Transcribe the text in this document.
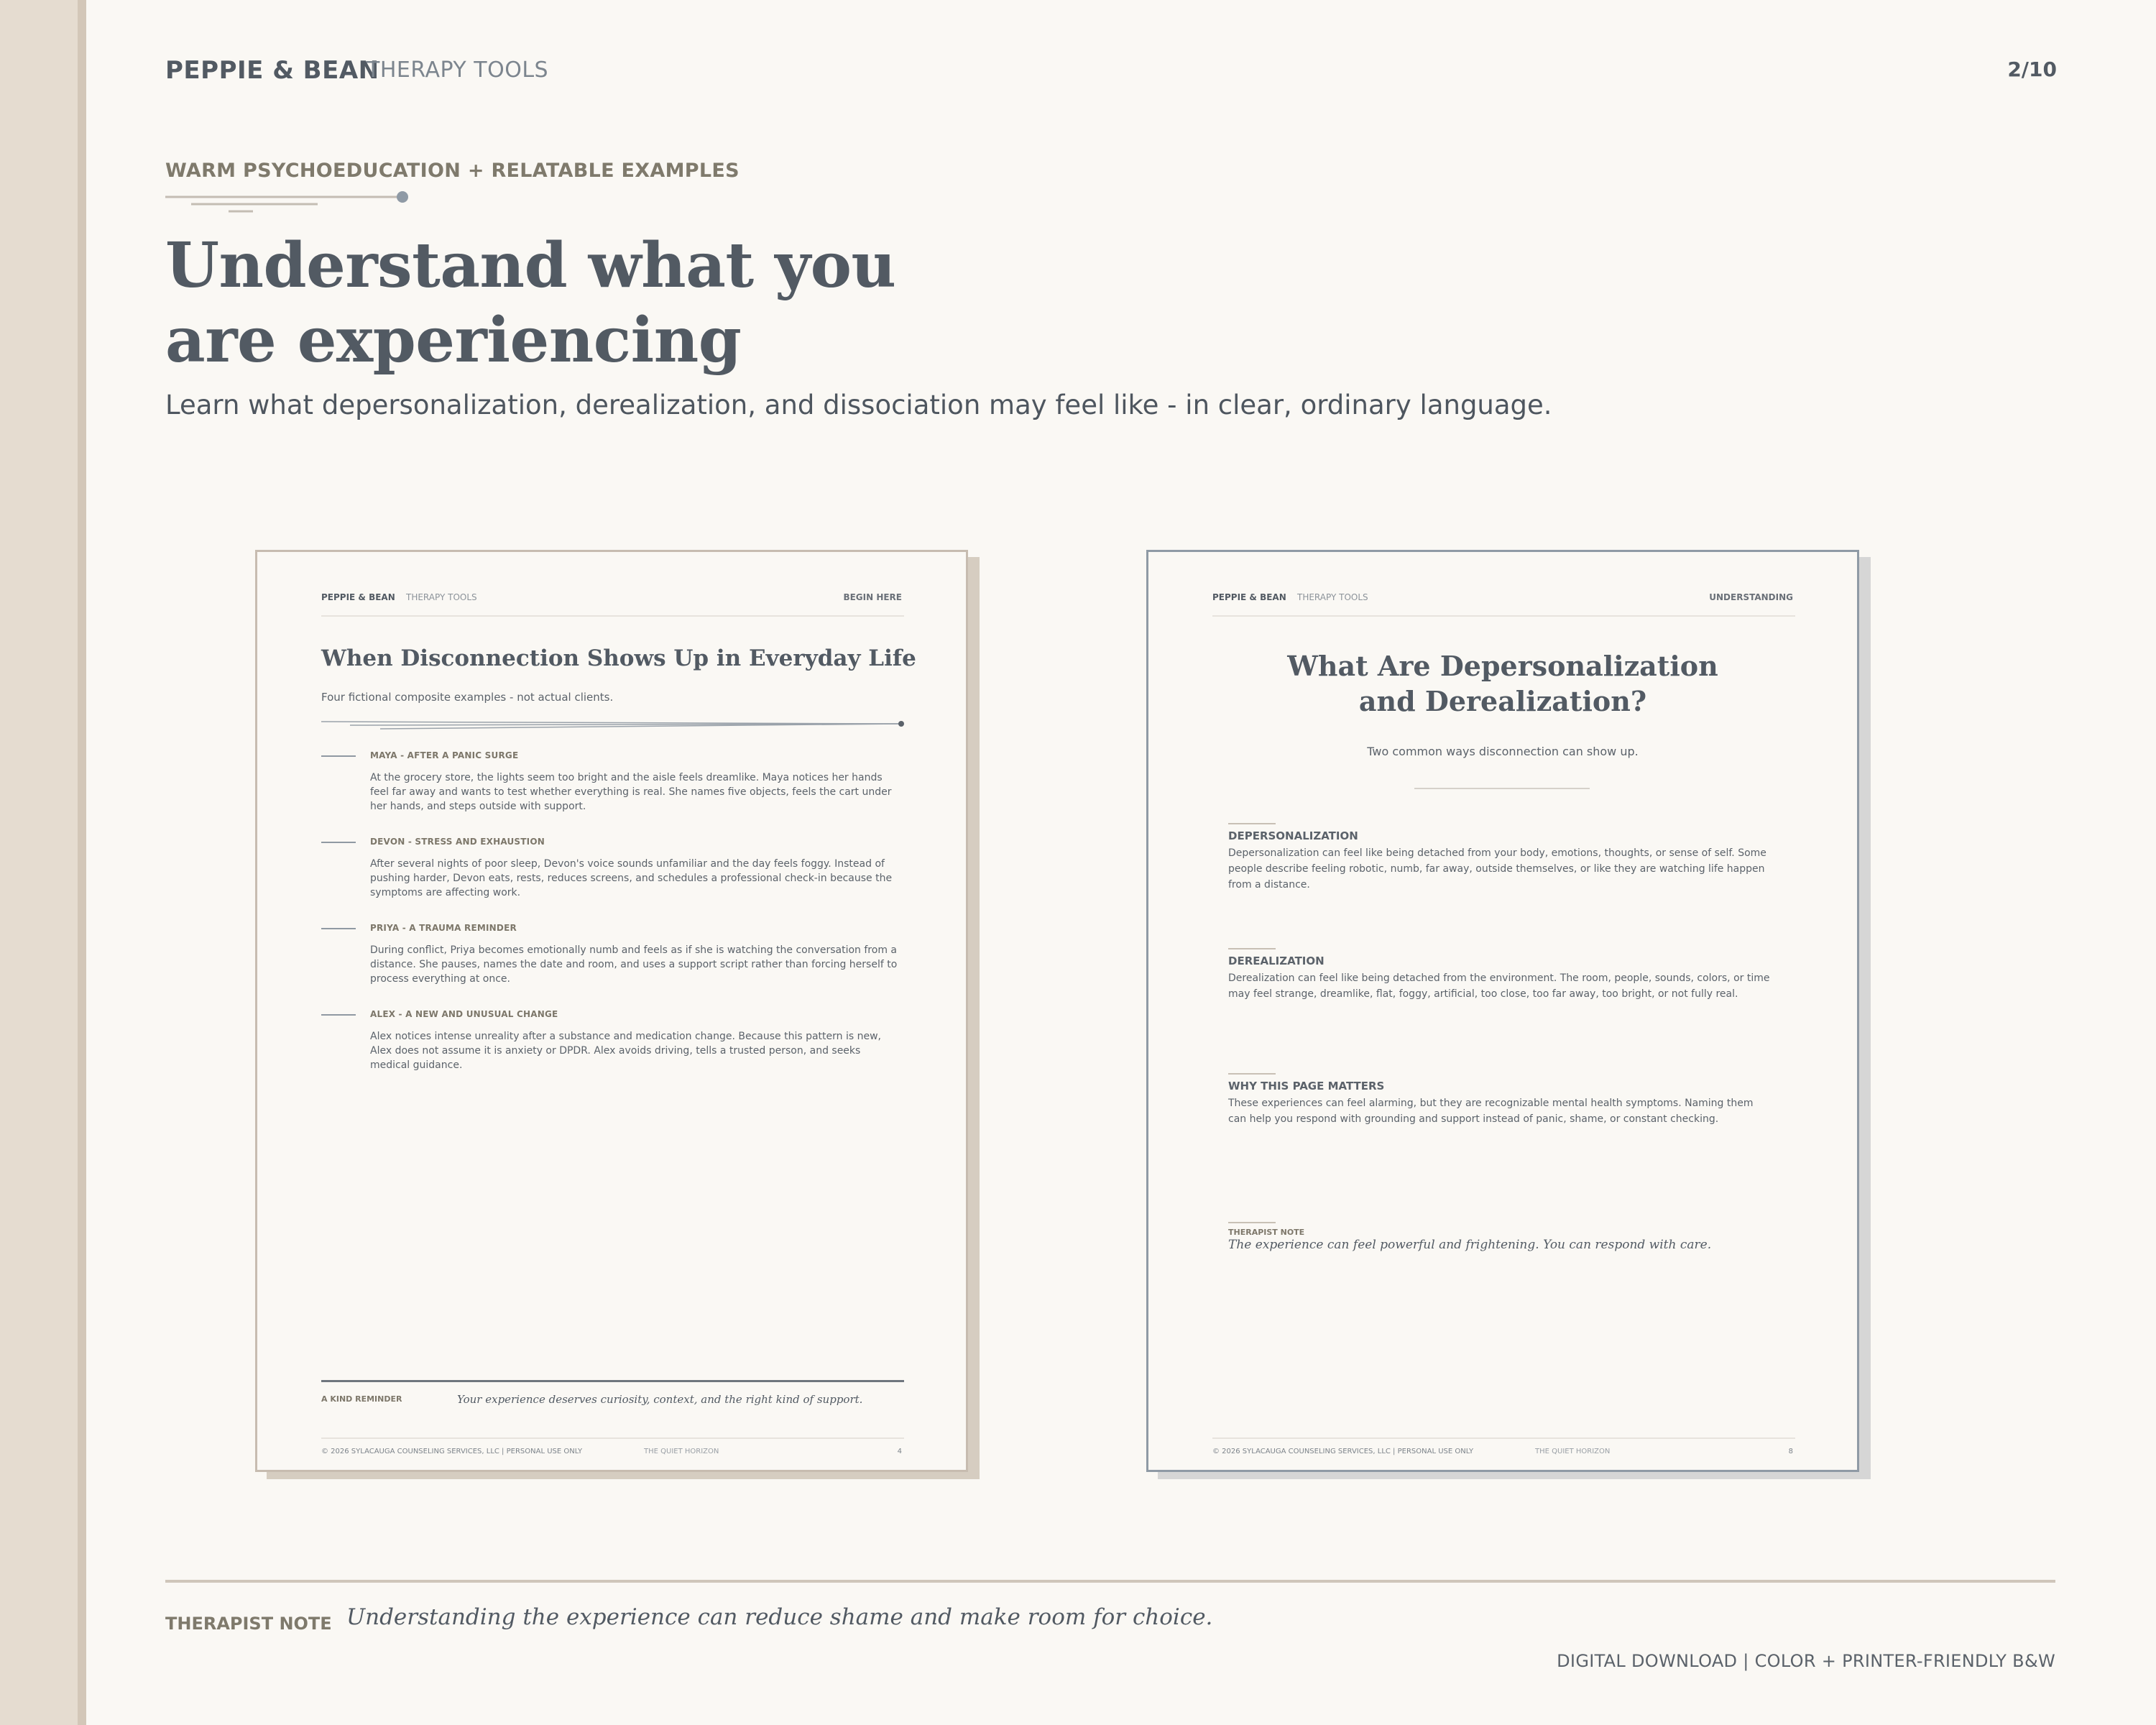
PEPPIE & BEAN
THERAPY TOOLS	2/10
WARM PSYCHOEDUCATION + RELATABLE EXAMPLES
Understand what you
are experiencing
Learn what depersonalization, derealization, and dissociation may feel like - in clear, ordinary language.
PEPPIE & BEAN THERAPY TOOLS	BEGIN HERE
When Disconnection Shows Up in Everyday Life
Four fictional composite examples - not actual clients.
MAYA - AFTER A PANIC SURGE
At the grocery store, the lights seem too bright and the aisle feels dreamlike. Maya notices her hands feel far away and wants to test whether everything is real. She names five objects, feels the cart under her hands, and steps outside with support.
DEVON - STRESS AND EXHAUSTION
After several nights of poor sleep, Devon's voice sounds unfamiliar and the day feels foggy. Instead of pushing harder, Devon eats, rests, reduces screens, and schedules a professional check-in because the symptoms are affecting work.
PRIYA - A TRAUMA REMINDER
During conflict, Priya becomes emotionally numb and feels as if she is watching the conversation from a distance. She pauses, names the date and room, and uses a support script rather than forcing herself to process everything at once.
ALEX - A NEW AND UNUSUAL CHANGE
Alex notices intense unreality after a substance and medication change. Because this pattern is new, Alex does not assume it is anxiety or DPDR. Alex avoids driving, tells a trusted person, and seeks medical guidance.
A KIND REMINDER	Your experience deserves curiosity, context, and the right kind of support.
© 2026 SYLACAUGA COUNSELING SERVICES, LLC | PERSONAL USE ONLY	THE QUIET HORIZON	4
PEPPIE & BEAN THERAPY TOOLS	UNDERSTANDING
What Are Depersonalization
and Derealization?
Two common ways disconnection can show up.
DEPERSONALIZATION
Depersonalization can feel like being detached from your body, emotions, thoughts, or sense of self. Some people describe feeling robotic, numb, far away, outside themselves, or like they are watching life happen from a distance.
DEREALIZATION
Derealization can feel like being detached from the environment. The room, people, sounds, colors, or time may feel strange, dreamlike, flat, foggy, artificial, too close, too far away, too bright, or not fully real.
WHY THIS PAGE MATTERS
These experiences can feel alarming, but they are recognizable mental health symptoms. Naming them can help you respond with grounding and support instead of panic, shame, or constant checking.
THERAPIST NOTE
The experience can feel powerful and frightening. You can respond with care.
© 2026 SYLACAUGA COUNSELING SERVICES, LLC | PERSONAL USE ONLY	THE QUIET HORIZON	8
THERAPIST NOTE Understanding the experience can reduce shame and make room for choice.
DIGITAL DOWNLOAD | COLOR + PRINTER-FRIENDLY B&W
